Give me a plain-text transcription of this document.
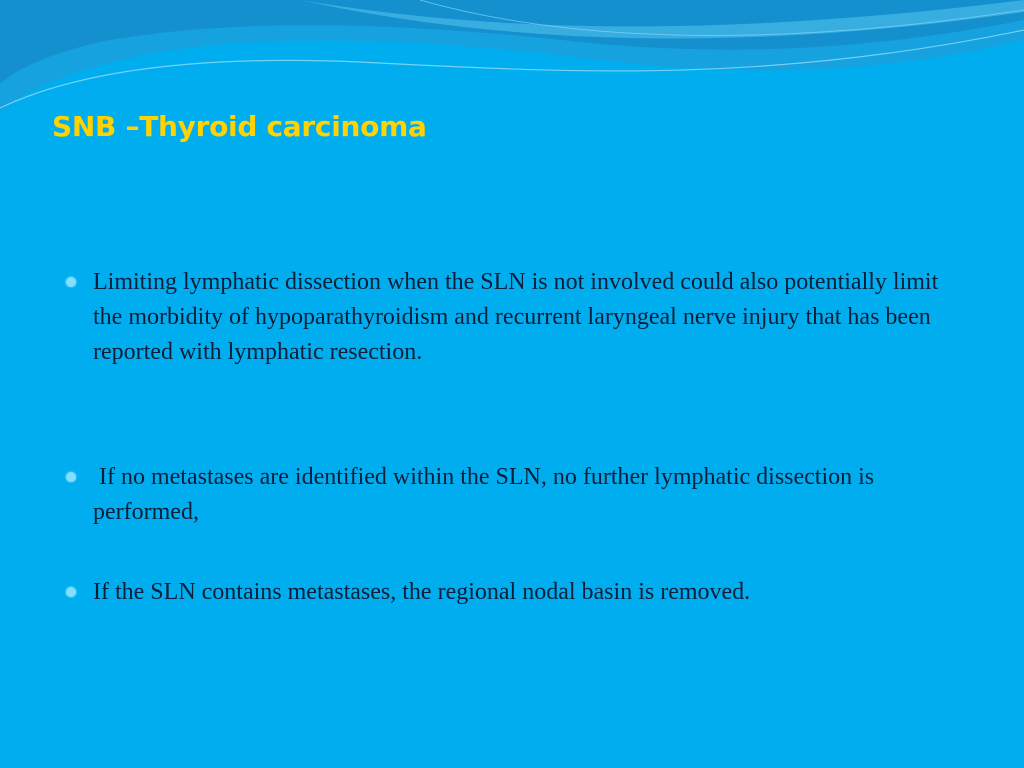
SNB –Thyroid carcinoma
Limiting lymphatic dissection when the SLN is not involved could also potentially limit the morbidity of hypoparathyroidism and recurrent laryngeal nerve injury that has been reported with lymphatic resection.
If no metastases are identified within the SLN, no further lymphatic dissection is performed,
If the SLN contains metastases, the regional nodal basin is removed.
